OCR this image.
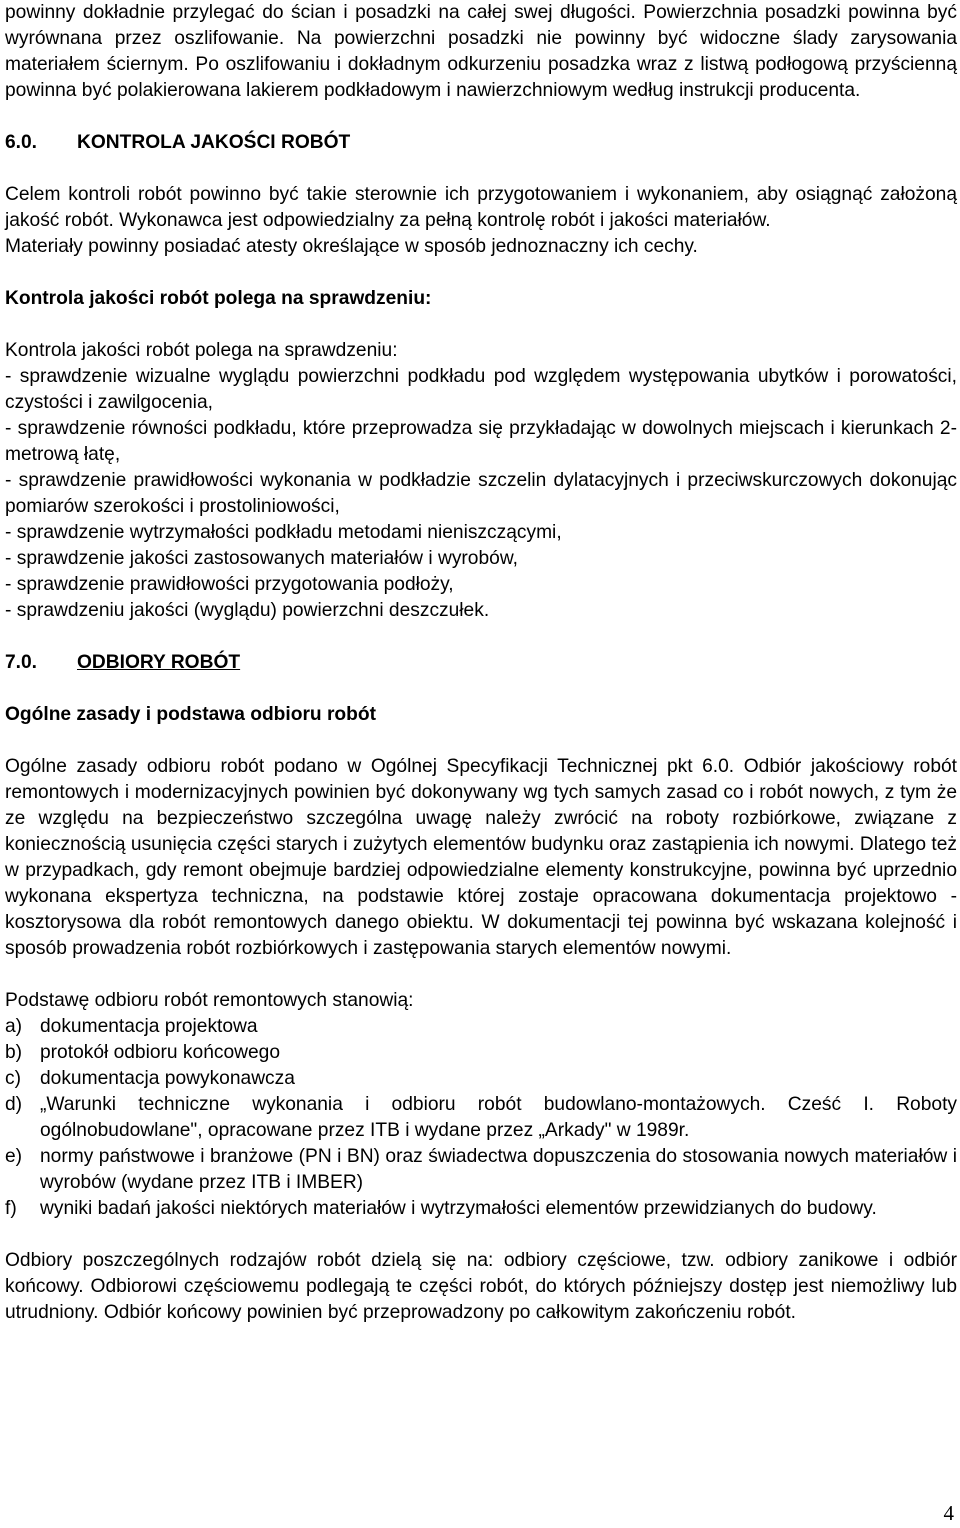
powinny dokładnie przylegać do ścian i posadzki na całej swej długości. Powierzchnia posadzki powinna być wyrównana przez oszlifowanie. Na powierzchni posadzki nie powinny być widoczne ślady zarysowania materiałem ściernym. Po oszlifowaniu i dokładnym odkurzeniu posadzka wraz z listwą podłogową przyścienną powinna być polakierowana lakierem podkładowym i nawierzchniowym według instrukcji producenta.

6.0. KONTROLA JAKOŚCI ROBÓT

Celem kontroli robót powinno być takie sterownie ich przygotowaniem i wykonaniem, aby osiągnąć założoną jakość robót. Wykonawca jest odpowiedzialny za pełną kontrolę robót i jakości materiałów.

Materiały powinny posiadać atesty określające w sposób jednoznaczny ich cechy.

Kontrola jakości robót polega na sprawdzeniu:

Kontrola jakości robót polega na sprawdzeniu:

- sprawdzenie wizualne wyglądu powierzchni podkładu pod względem występowania ubytków i porowatości, czystości i zawilgocenia,

- sprawdzenie równości podkładu, które przeprowadza się przykładając w dowolnych miejscach i kierunkach 2-metrową łatę,

- sprawdzenie prawidłowości wykonania w podkładzie szczelin dylatacyjnych i przeciwskurczowych dokonując pomiarów szerokości i prostoliniowości,

- sprawdzenie wytrzymałości podkładu metodami nieniszczącymi,

- sprawdzenie jakości zastosowanych materiałów i wyrobów,

- sprawdzenie prawidłowości przygotowania podłoży,

- sprawdzeniu jakości (wyglądu) powierzchni deszczułek.

7.0. ODBIORY ROBÓT

Ogólne zasady i podstawa odbioru robót

Ogólne zasady odbioru robót podano w Ogólnej Specyfikacji Technicznej pkt 6.0. Odbiór jakościowy robót remontowych i modernizacyjnych powinien być dokonywany wg tych samych zasad co i robót nowych, z tym że ze względu na bezpieczeństwo szczególna uwagę należy zwrócić na roboty rozbiórkowe, związane z koniecznością usunięcia części starych i zużytych elementów budynku oraz zastąpienia ich nowymi. Dlatego też w przypadkach, gdy remont obejmuje bardziej odpowiedzialne elementy konstrukcyjne, powinna być uprzednio wykonana ekspertyza techniczna, na podstawie której zostaje opracowana dokumentacja projektowo - kosztorysowa dla robót remontowych danego obiektu. W dokumentacji tej powinna być wskazana kolejność i sposób prowadzenia robót rozbiórkowych i zastępowania starych elementów nowymi.

Podstawę odbioru robót remontowych stanowią:

a) dokumentacja projektowa
b) protokół odbioru końcowego
c) dokumentacja powykonawcza
d) „Warunki techniczne wykonania i odbioru robót budowlano-montażowych. Cześć I. Roboty ogólnobudowlane", opracowane przez ITB i wydane przez „Arkady" w 1989r.
e) normy państwowe i branżowe (PN i BN) oraz świadectwa dopuszczenia do stosowania nowych materiałów i wyrobów (wydane przez ITB i IMBER)
f)	wyniki badań jakości niektórych materiałów i wytrzymałości elementów przewidzianych do budowy.

Odbiory poszczególnych rodzajów robót dzielą się na: odbiory częściowe, tzw. odbiory zanikowe i odbiór końcowy. Odbiorowi częściowemu podlegają te części robót, do których późniejszy dostęp jest niemożliwy lub utrudniony. Odbiór końcowy powinien być przeprowadzony po całkowitym zakończeniu robót.

4
